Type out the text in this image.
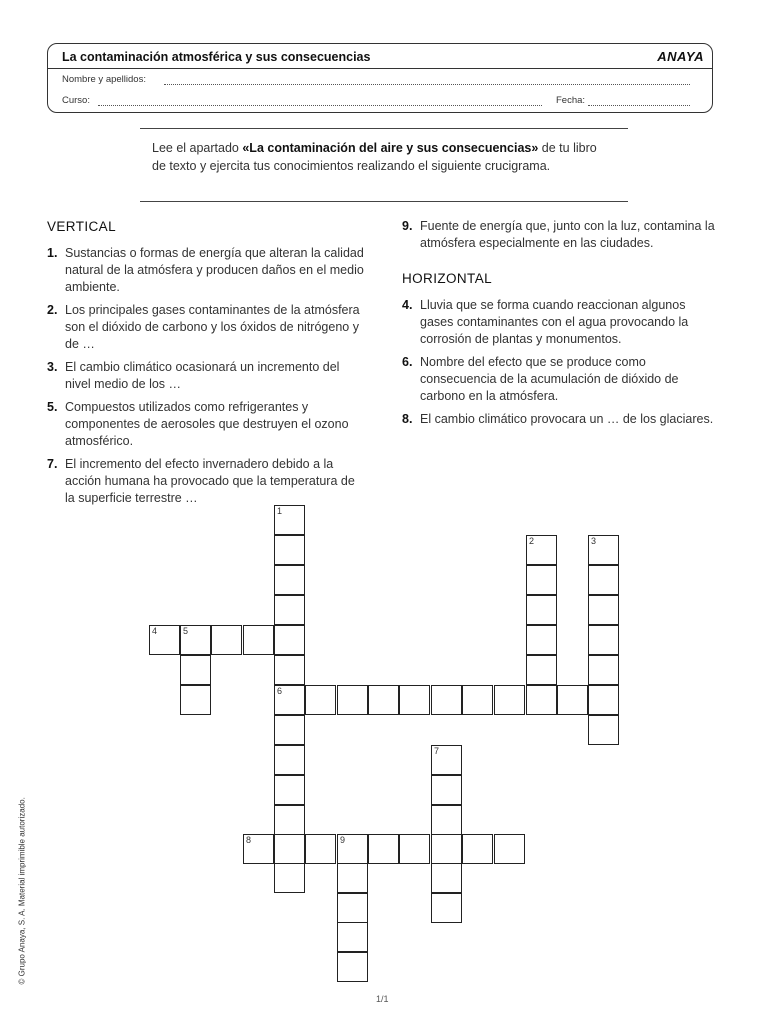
La contaminación atmosférica y sus consecuencias	ANAYA
Nombre y apellidos:
Curso:	Fecha:
Lee el apartado «La contaminación del aire y sus consecuencias» de tu libro de texto y ejercita tus conocimientos realizando el siguiente crucigrama.
VERTICAL
1. Sustancias o formas de energía que alteran la calidad natural de la atmósfera y producen daños en el medio ambiente.
2. Los principales gases contaminantes de la atmósfera son el dióxido de carbono y los óxidos de nitrógeno y de …
3. El cambio climático ocasionará un incremento del nivel medio de los …
5. Compuestos utilizados como refrigerantes y componentes de aerosoles que destruyen el ozono atmosférico.
7. El incremento del efecto invernadero debido a la acción humana ha provocado que la temperatura de la superficie terrestre …
9. Fuente de energía que, junto con la luz, contamina la atmósfera especialmente en las ciudades.
HORIZONTAL
4. Lluvia que se forma cuando reaccionan algunos gases contaminantes con el agua provocando la corrosión de plantas y monumentos.
6. Nombre del efecto que se produce como consecuencia de la acumulación de dióxido de carbono en la atmósfera.
8. El cambio climático provocara un … de los glaciares.
1
6
2	3
4	5
7
8	9
© Grupo Anaya, S. A. Material imprimible autorizado.
1/1
